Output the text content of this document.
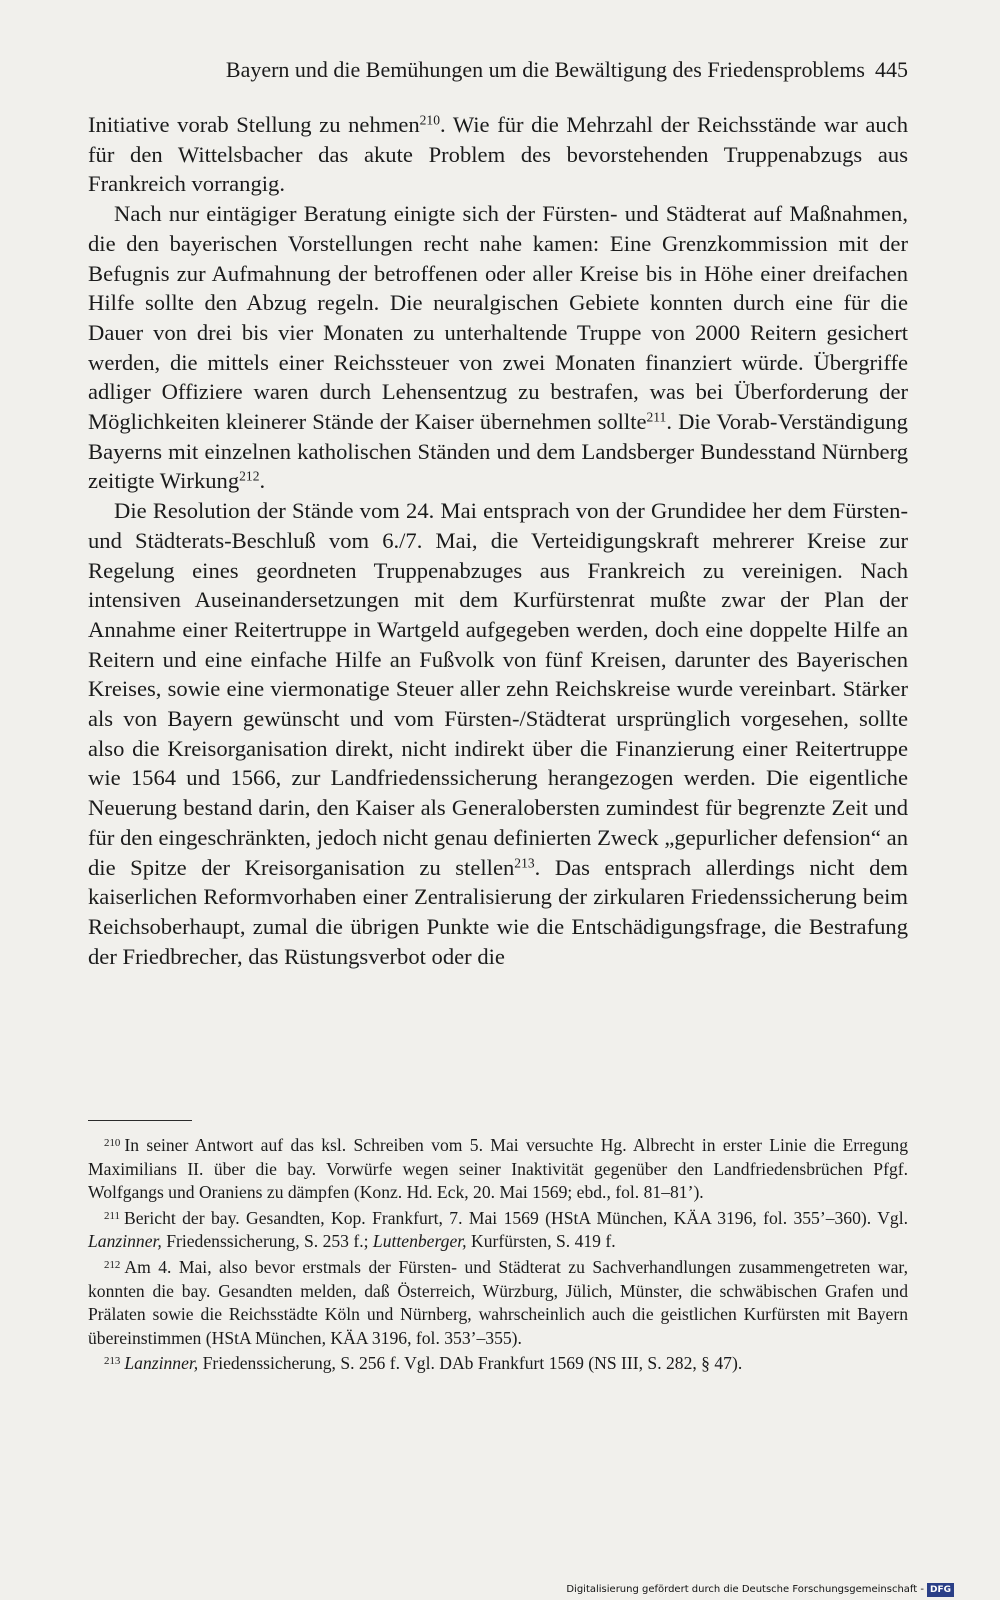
Bayern und die Bemühungen um die Bewältigung des Friedensproblems 445

Initiative vorab Stellung zu nehmen$^{210}$. Wie für die Mehrzahl der Reichsstände war auch für den Wittelsbacher das akute Problem des bevorstehenden Truppenabzugs aus Frankreich vorrangig.

Nach nur eintägiger Beratung einigte sich der Fürsten- und Städterat auf Maßnahmen, die den bayerischen Vorstellungen recht nahe kamen: Eine Grenzkommission mit der Befugnis zur Aufmahnung der betroffenen oder aller Kreise bis in Höhe einer dreifachen Hilfe sollte den Abzug regeln. Die neuralgischen Gebiete konnten durch eine für die Dauer von drei bis vier Monaten zu unterhaltende Truppe von 2000 Reitern gesichert werden, die mittels einer Reichssteuer von zwei Monaten finanziert würde. Übergriffe adliger Offiziere waren durch Lehensentzug zu bestrafen, was bei Überforderung der Möglichkeiten kleinerer Stände der Kaiser übernehmen sollte$^{211}$. Die Vorab-Verständigung Bayerns mit einzelnen katholischen Ständen und dem Landsberger Bundesstand Nürnberg zeitigte Wirkung$^{212}$.

Die Resolution der Stände vom 24. Mai entsprach von der Grundidee her dem Fürsten- und Städterats-Beschluß vom 6./7. Mai, die Verteidigungskraft mehrerer Kreise zur Regelung eines geordneten Truppenabzuges aus Frankreich zu vereinigen. Nach intensiven Auseinandersetzungen mit dem Kurfürstenrat mußte zwar der Plan der Annahme einer Reitertruppe in Wartgeld aufgegeben werden, doch eine doppelte Hilfe an Reitern und eine einfache Hilfe an Fußvolk von fünf Kreisen, darunter des Bayerischen Kreises, sowie eine viermonatige Steuer aller zehn Reichskreise wurde vereinbart. Stärker als von Bayern gewünscht und vom Fürsten-/Städterat ursprünglich vorgesehen, sollte also die Kreisorganisation direkt, nicht indirekt über die Finanzierung einer Reitertruppe wie 1564 und 1566, zur Landfriedenssicherung herangezogen werden. Die eigentliche Neuerung bestand darin, den Kaiser als Generalobersten zumindest für begrenzte Zeit und für den eingeschränkten, jedoch nicht genau definierten Zweck „gepurlicher defension“ an die Spitze der Kreisorganisation zu stellen$^{213}$. Das entsprach allerdings nicht dem kaiserlichen Reformvorhaben einer Zentralisierung der zirkularen Friedenssicherung beim Reichsoberhaupt, zumal die übrigen Punkte wie die Entschädigungsfrage, die Bestrafung der Friedbrecher, das Rüstungsverbot oder die

$^{210}$ In seiner Antwort auf das ksl. Schreiben vom 5. Mai versuchte Hg. Albrecht in erster Linie die Erregung Maximilians II. über die bay. Vorwürfe wegen seiner Inaktivität gegenüber den Landfriedensbrüchen Pfgf. Wolfgangs und Oraniens zu dämpfen (Konz. Hd. Eck, 20. Mai 1569; ebd., fol. 81–81’).

$^{211}$ Bericht der bay. Gesandten, Kop. Frankfurt, 7. Mai 1569 (HStA München, KÄA 3196, fol. 355’–360). Vgl. Lanzinner, Friedenssicherung, S. 253 f.; Luttenberger, Kurfürsten, S. 419 f.

$^{212}$ Am 4. Mai, also bevor erstmals der Fürsten- und Städterat zu Sachverhandlungen zusammengetreten war, konnten die bay. Gesandten melden, daß Österreich, Würzburg, Jülich, Münster, die schwäbischen Grafen und Prälaten sowie die Reichsstädte Köln und Nürnberg, wahrscheinlich auch die geistlichen Kurfürsten mit Bayern übereinstimmen (HStA München, KÄA 3196, fol. 353’–355).

$^{213}$ Lanzinner, Friedenssicherung, S. 256 f. Vgl. DAb Frankfurt 1569 (NS III, S. 282, § 47).

Digitalisierung gefördert durch die Deutsche Forschungsgemeinschaft - DFG
